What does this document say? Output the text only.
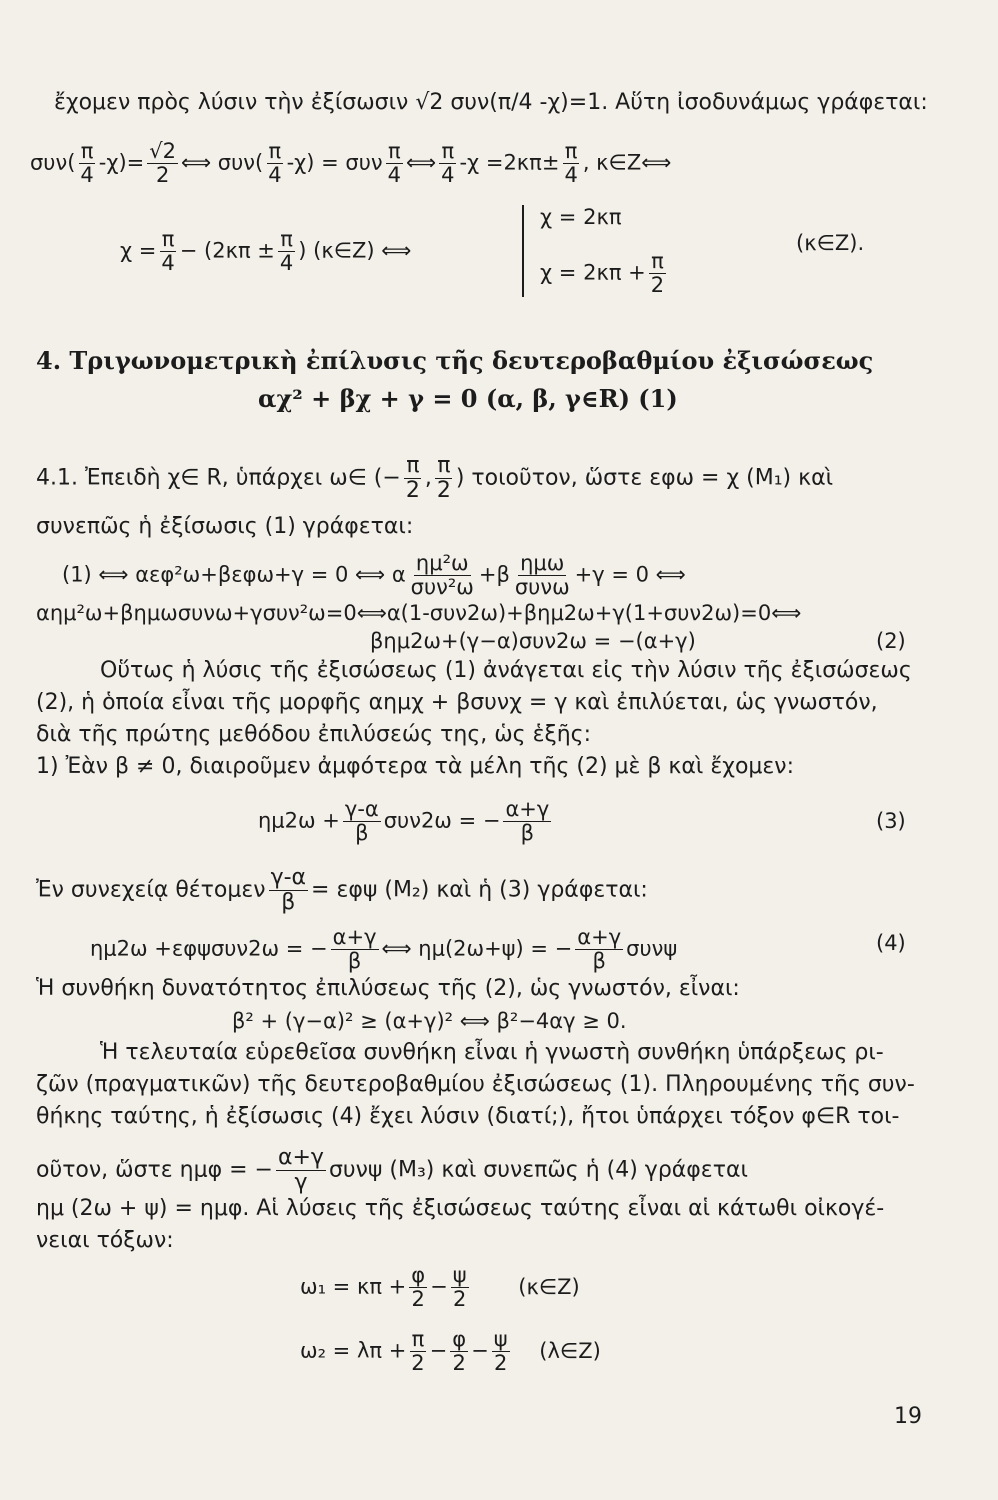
ἔχομεν πρὸς λύσιν τὴν ἐξίσωσιν √2 συν(π/4 -χ)=1. Αὕτη ἰσοδυνάμως γράφεται:
$\sigma\upsilon\nu( \frac{\pi}{4} -\chi)= \frac{√2}{2}$ ⟺ $\sigma\upsilon\nu( \frac{\pi}{4} -\chi) = \sigma\upsilon\nu \frac{\pi}{4}$ ⟺ $\frac{\pi}{4} -\chi =2\kappa\pi\pm \frac{\pi}{4}$ , κ∈Ζ⟺
$\chi = \frac{\pi}{4} - (2\kappa\pi \pm \frac{\pi}{4}$ ) (κ∈Ζ) ⟺
χ = 2κπ
$\chi = 2\kappa\pi + \frac{\pi}{2}$
(κ∈Ζ).
4. Τριγωνομετρικὴ ἐπίλυσις τῆς δευτεροβαθμίου ἐξισώσεως
αχ² + βχ + γ = 0 (α, β, γ∈R) (1)
4.1. Ἐπειδὴ χ∈ R, ὑπάρχει ω∈ (− $\frac{\pi}{2}$ , $\frac{\pi}{2}$ ) τοιοῦτον, ὥστε εφω = χ (Μ₁) καὶ
συνεπῶς ἡ ἐξίσωσις (1) γράφεται:
(1) ⟺ αεφ²ω+βεφω+γ = 0 ⟺ α $\frac{\text{ημ²ω}}{\text{συν²ω}} +\beta \frac{\text{ημω}}{\text{συνω}} +\gamma = 0$ ⟺
αημ²ω+βημωσυνω+γσυν²ω=0⟺α(1-συν2ω)+βημ2ω+γ(1+συν2ω)=0⟺
βημ2ω+(γ−α)συν2ω = −(α+γ)	(2)
Οὕτως ἡ λύσις τῆς ἐξισώσεως (1) ἀνάγεται εἰς τὴν λύσιν τῆς ἐξισώσεως
(2), ἡ ὁποία εἶναι τῆς μορφῆς αημχ + βσυνχ = γ καὶ ἐπιλύεται, ὡς γνωστόν,
διὰ τῆς πρώτης μεθόδου ἐπιλύσεώς της, ὡς ἑξῆς:
1) Ἐὰν β ≠ 0, διαιροῦμεν ἀμφότερα τὰ μέλη τῆς (2) μὲ β καὶ ἔχομεν:
$\eta\mu 2\omega + \frac{\gamma-\alpha}{\beta} \sigma\upsilon\nu 2\omega$ = − $\frac{\alpha+\gamma}{\beta}$	(3)
Ἐν συνεχείᾳ θέτομεν $\frac{\gamma-\alpha}{\beta} = \varepsilon\varphi\psi$ (Μ₂) καὶ ἡ (3) γράφεται:
ημ2ω +εφψσυν2ω = − $\frac{\alpha+\gamma}{\beta}$ ⟺ ημ(2ω+ψ) = − $\frac{\alpha+\gamma}{\beta}$ συνψ	(4)
Ἡ συνθήκη δυνατότητος ἐπιλύσεως τῆς (2), ὡς γνωστόν, εἶναι:
β² + (γ−α)² ≥ (α+γ)² ⟺ β²−4αγ ≥ 0.
Ἡ τελευταία εὑρεθεῖσα συνθήκη εἶναι ἡ γνωστὴ συνθήκη ὑπάρξεως ρι-
ζῶν (πραγματικῶν) τῆς δευτεροβαθμίου ἐξισώσεως (1). Πληρουμένης τῆς συν-
θήκης ταύτης, ἡ ἐξίσωσις (4) ἔχει λύσιν (διατί;), ἤτοι ὑπάρχει τόξον φ∈R τοι-
οῦτον, ὥστε ημφ = − $\frac{\alpha+\gamma}{\gamma}$ συνψ (Μ₃) καὶ συνεπῶς ἡ (4) γράφεται
ημ (2ω + ψ) = ημφ. Αἱ λύσεις τῆς ἐξισώσεως ταύτης εἶναι αἱ κάτωθι οἰκογέ-
νειαι τόξων:
$\omega_1 = \kappa\pi + \frac{\varphi}{2} - \frac{\psi}{2}$ (κ∈Ζ)
$\omega_2 = \lambda\pi + \frac{\pi}{2} - \frac{\varphi}{2} - \frac{\psi}{2}$ (λ∈Ζ)
19
